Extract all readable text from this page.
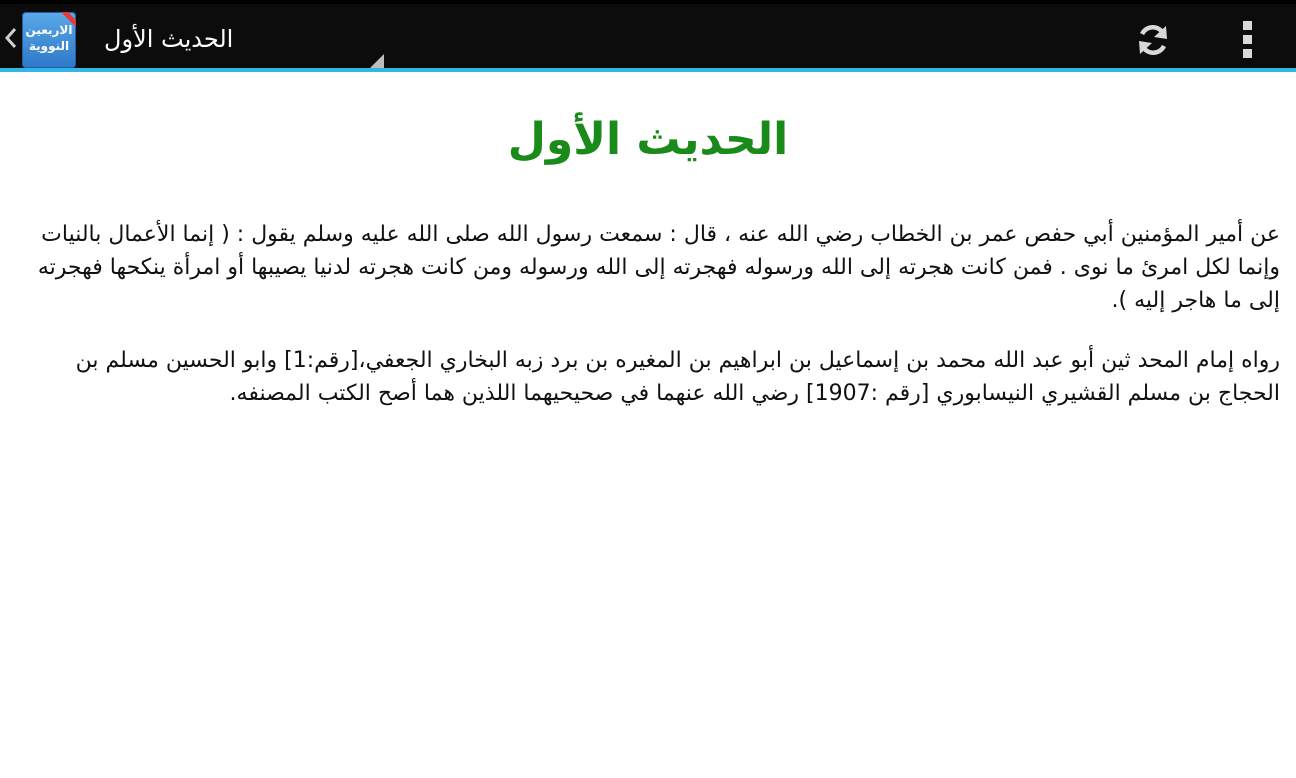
الاربعين النووية الحديث الأول
الحديث الأول

عن أمير المؤمنين أبي حفص عمر بن الخطاب رضي الله عنه ، قال : سمعت رسول الله صلى الله عليه وسلم يقول : ( إنما الأعمال بالنيات وإنما لكل امرئ ما نوى . فمن كانت هجرته إلى الله ورسوله فهجرته إلى الله ورسوله ومن كانت هجرته لدنيا يصيبها أو امرأة ينكحها فهجرته إلى ما هاجر إليه ).

رواه إمام المحد ثين أبو عبد الله محمد بن إسماعيل بن ابراهيم بن المغيره بن برد زبه البخاري الجعفي،[رقم:1] وابو الحسين مسلم بن الحجاج بن مسلم القشيري النيسابوري [رقم :1907] رضي الله عنهما في صحيحيهما اللذين هما أصح الكتب المصنفه.
